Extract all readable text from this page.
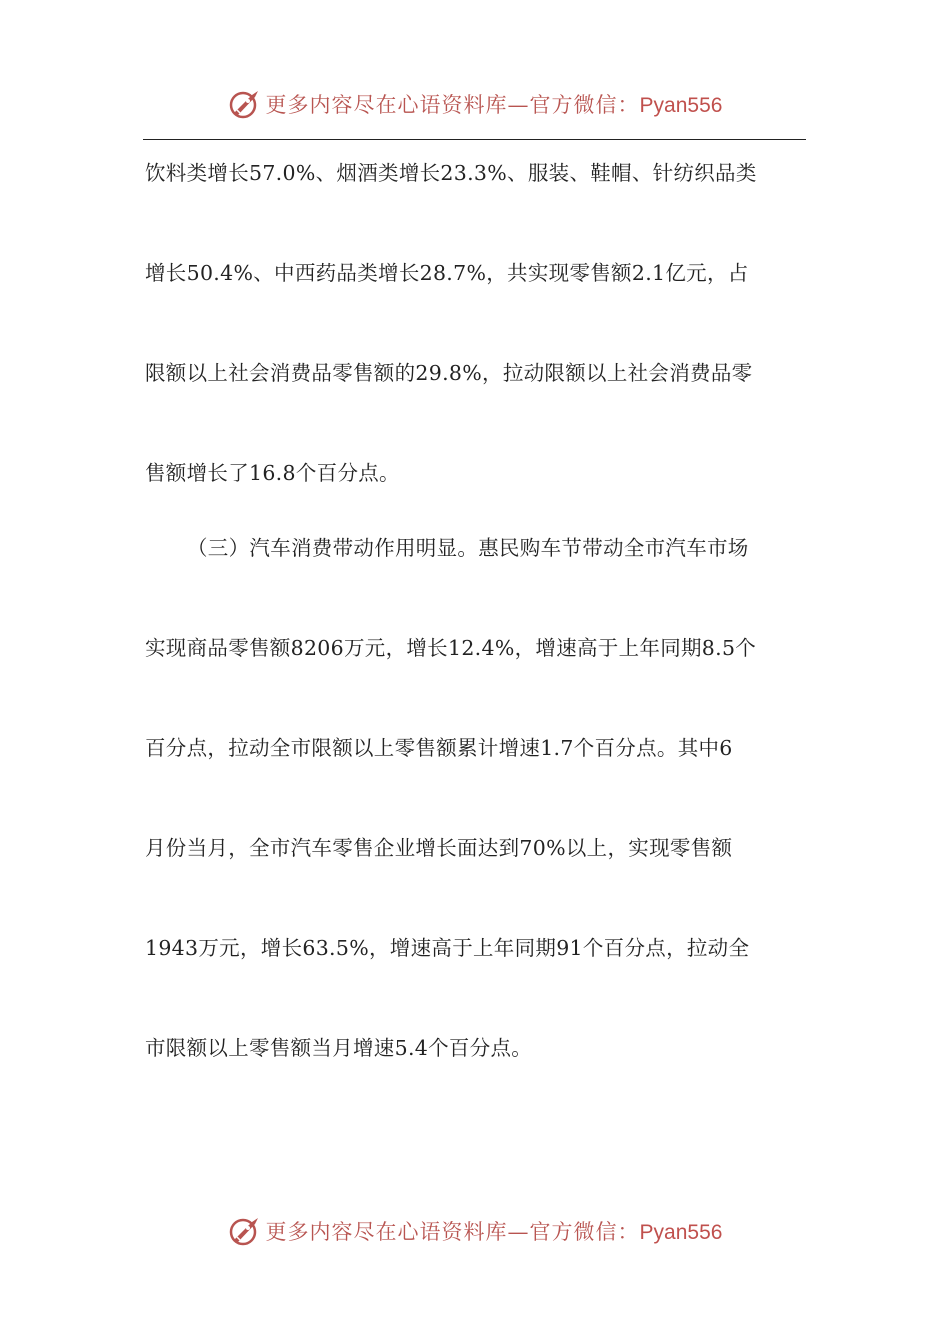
更多内容尽在心语资料库—官方微信：Pyan556
饮料类增长57.0%、烟酒类增长23.3%、服装、鞋帽、针纺织品类
增长50.4%、中西药品类增长28.7%，共实现零售额2.1亿元，占
限额以上社会消费品零售额的29.8%，拉动限额以上社会消费品零
售额增长了16.8个百分点。
（三）汽车消费带动作用明显。惠民购车节带动全市汽车市场
实现商品零售额8206万元，增长12.4%，增速高于上年同期8.5个
百分点，拉动全市限额以上零售额累计增速1.7个百分点。其中6
月份当月，全市汽车零售企业增长面达到70%以上，实现零售额
1943万元，增长63.5%，增速高于上年同期91个百分点，拉动全
市限额以上零售额当月增速5.4个百分点。
更多内容尽在心语资料库—官方微信：Pyan556
